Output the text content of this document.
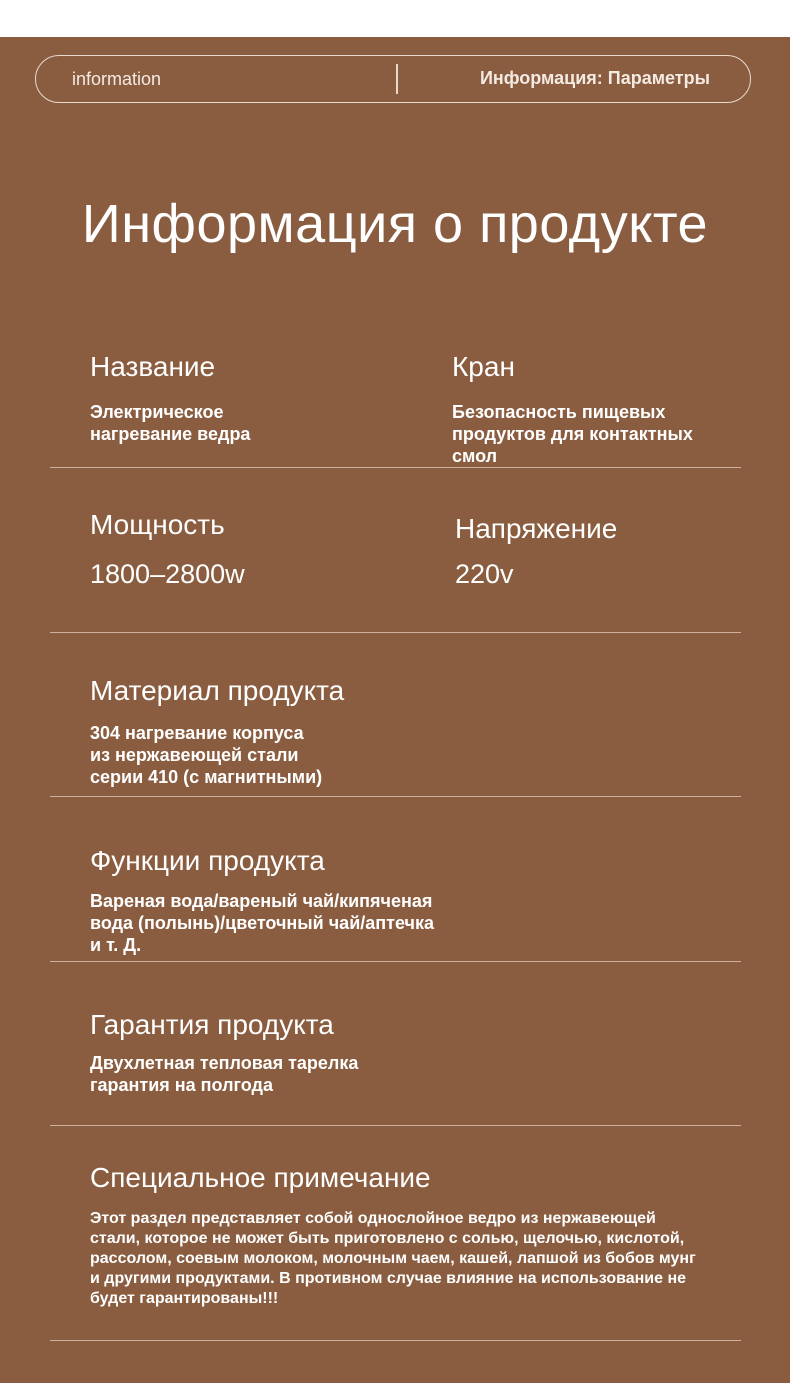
information	Информация: Параметры
Информация о продукте
Название
Электрическое
нагревание ведра
Кран
Безопасность пищевых
продуктов для контактных
смол
Мощность
1800–2800w
Напряжение
220v
Материал продукта
304 нагревание корпуса
из нержавеющей стали
серии 410 (с магнитными)
Функции продукта
Вареная вода/вареный чай/кипяченая
вода (полынь)/цветочный чай/аптечка
и т. Д.
Гарантия продукта
Двухлетная тепловая тарелка
гарантия на полгода
Специальное примечание
Этот раздел представляет собой однослойное ведро из нержавеющей
стали, которое не может быть приготовлено с солью, щелочью, кислотой,
рассолом, соевым молоком, молочным чаем, кашей, лапшой из бобов мунг
и другими продуктами. В противном случае влияние на использование не
будет гарантированы!!!
